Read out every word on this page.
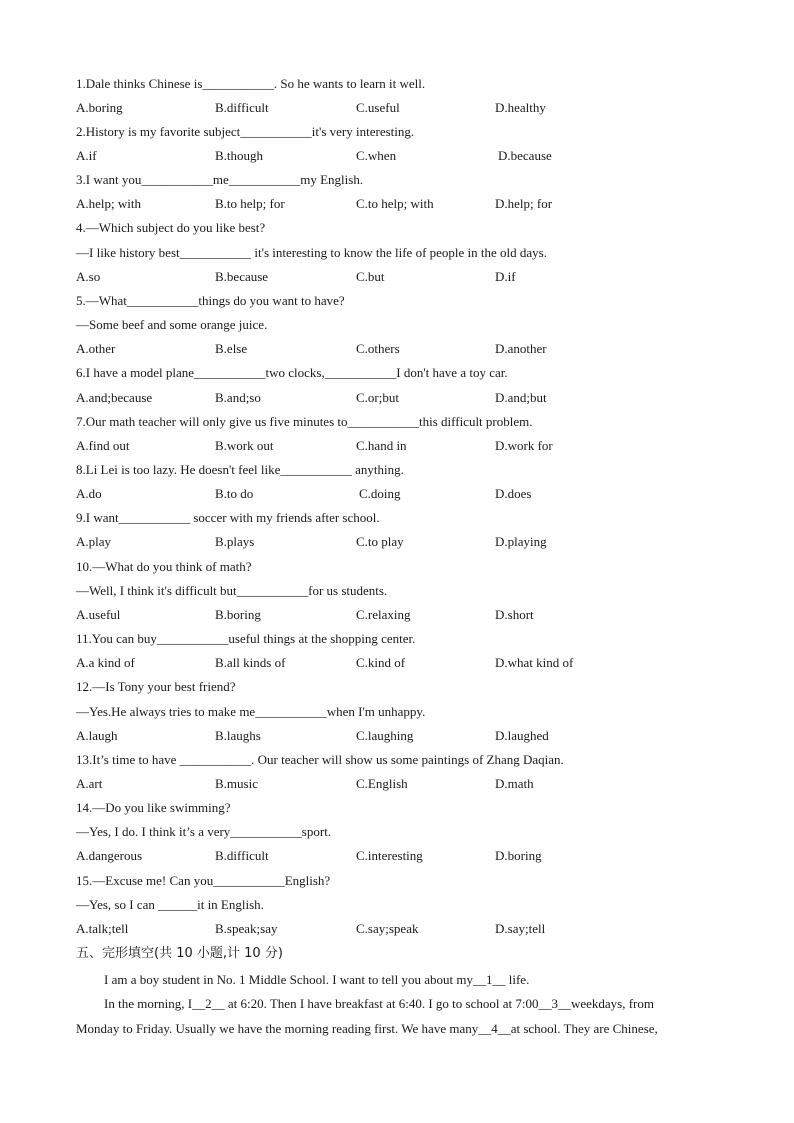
1.Dale thinks Chinese is___________. So he wants to learn it well.
A.boring	B.difficult	C.useful	D.healthy
2.History is my favorite subject___________it's very interesting.
A.if	B.though	C.when	D.because
3.I want you___________me___________my English.
A.help; with	B.to help; for	C.to help; with	D.help; for
4.—Which subject do you like best?
—I like history best___________ it's interesting to know the life of people in the old days.
A.so	B.because	C.but	D.if
5.—What___________things do you want to have?
—Some beef and some orange juice.
A.other	B.else	C.others	D.another
6.I have a model plane___________two clocks,___________I don't have a toy car.
A.and;because	B.and;so	C.or;but	D.and;but
7.Our math teacher will only give us five minutes to___________this difficult problem.
A.find out	B.work out	C.hand in	D.work for
8.Li Lei is too lazy. He doesn't feel like___________ anything.
A.do	B.to do	C.doing	D.does
9.I want___________ soccer with my friends after school.
A.play	B.plays	C.to play	D.playing
10.—What do you think of math?
—Well, I think it's difficult but___________for us students.
A.useful	B.boring	C.relaxing	D.short
11.You can buy___________useful things at the shopping center.
A.a kind of	B.all kinds of	C.kind of	D.what kind of
12.—Is Tony your best friend?
—Yes.He always tries to make me___________when I'm unhappy.
A.laugh	B.laughs	C.laughing	D.laughed
13.It’s time to have ___________. Our teacher will show us some paintings of Zhang Daqian.
A.art	B.music	C.English	D.math
14.—Do you like swimming?
—Yes, I do. I think it’s a very___________sport.
A.dangerous	B.difficult	C.interesting	D.boring
15.—Excuse me! Can you___________English?
—Yes, so I can ______it in English.
A.talk;tell	B.speak;say	C.say;speak	D.say;tell
五、完形填空(共 10 小题,计 10 分)
I am a boy student in No. 1 Middle School. I want to tell you about my__1__ life.
In the morning, I__2__ at 6:20. Then I have breakfast at 6:40. I go to school at 7:00__3__weekdays, from
Monday to Friday. Usually we have the morning reading first. We have many__4__at school. They are Chinese,
